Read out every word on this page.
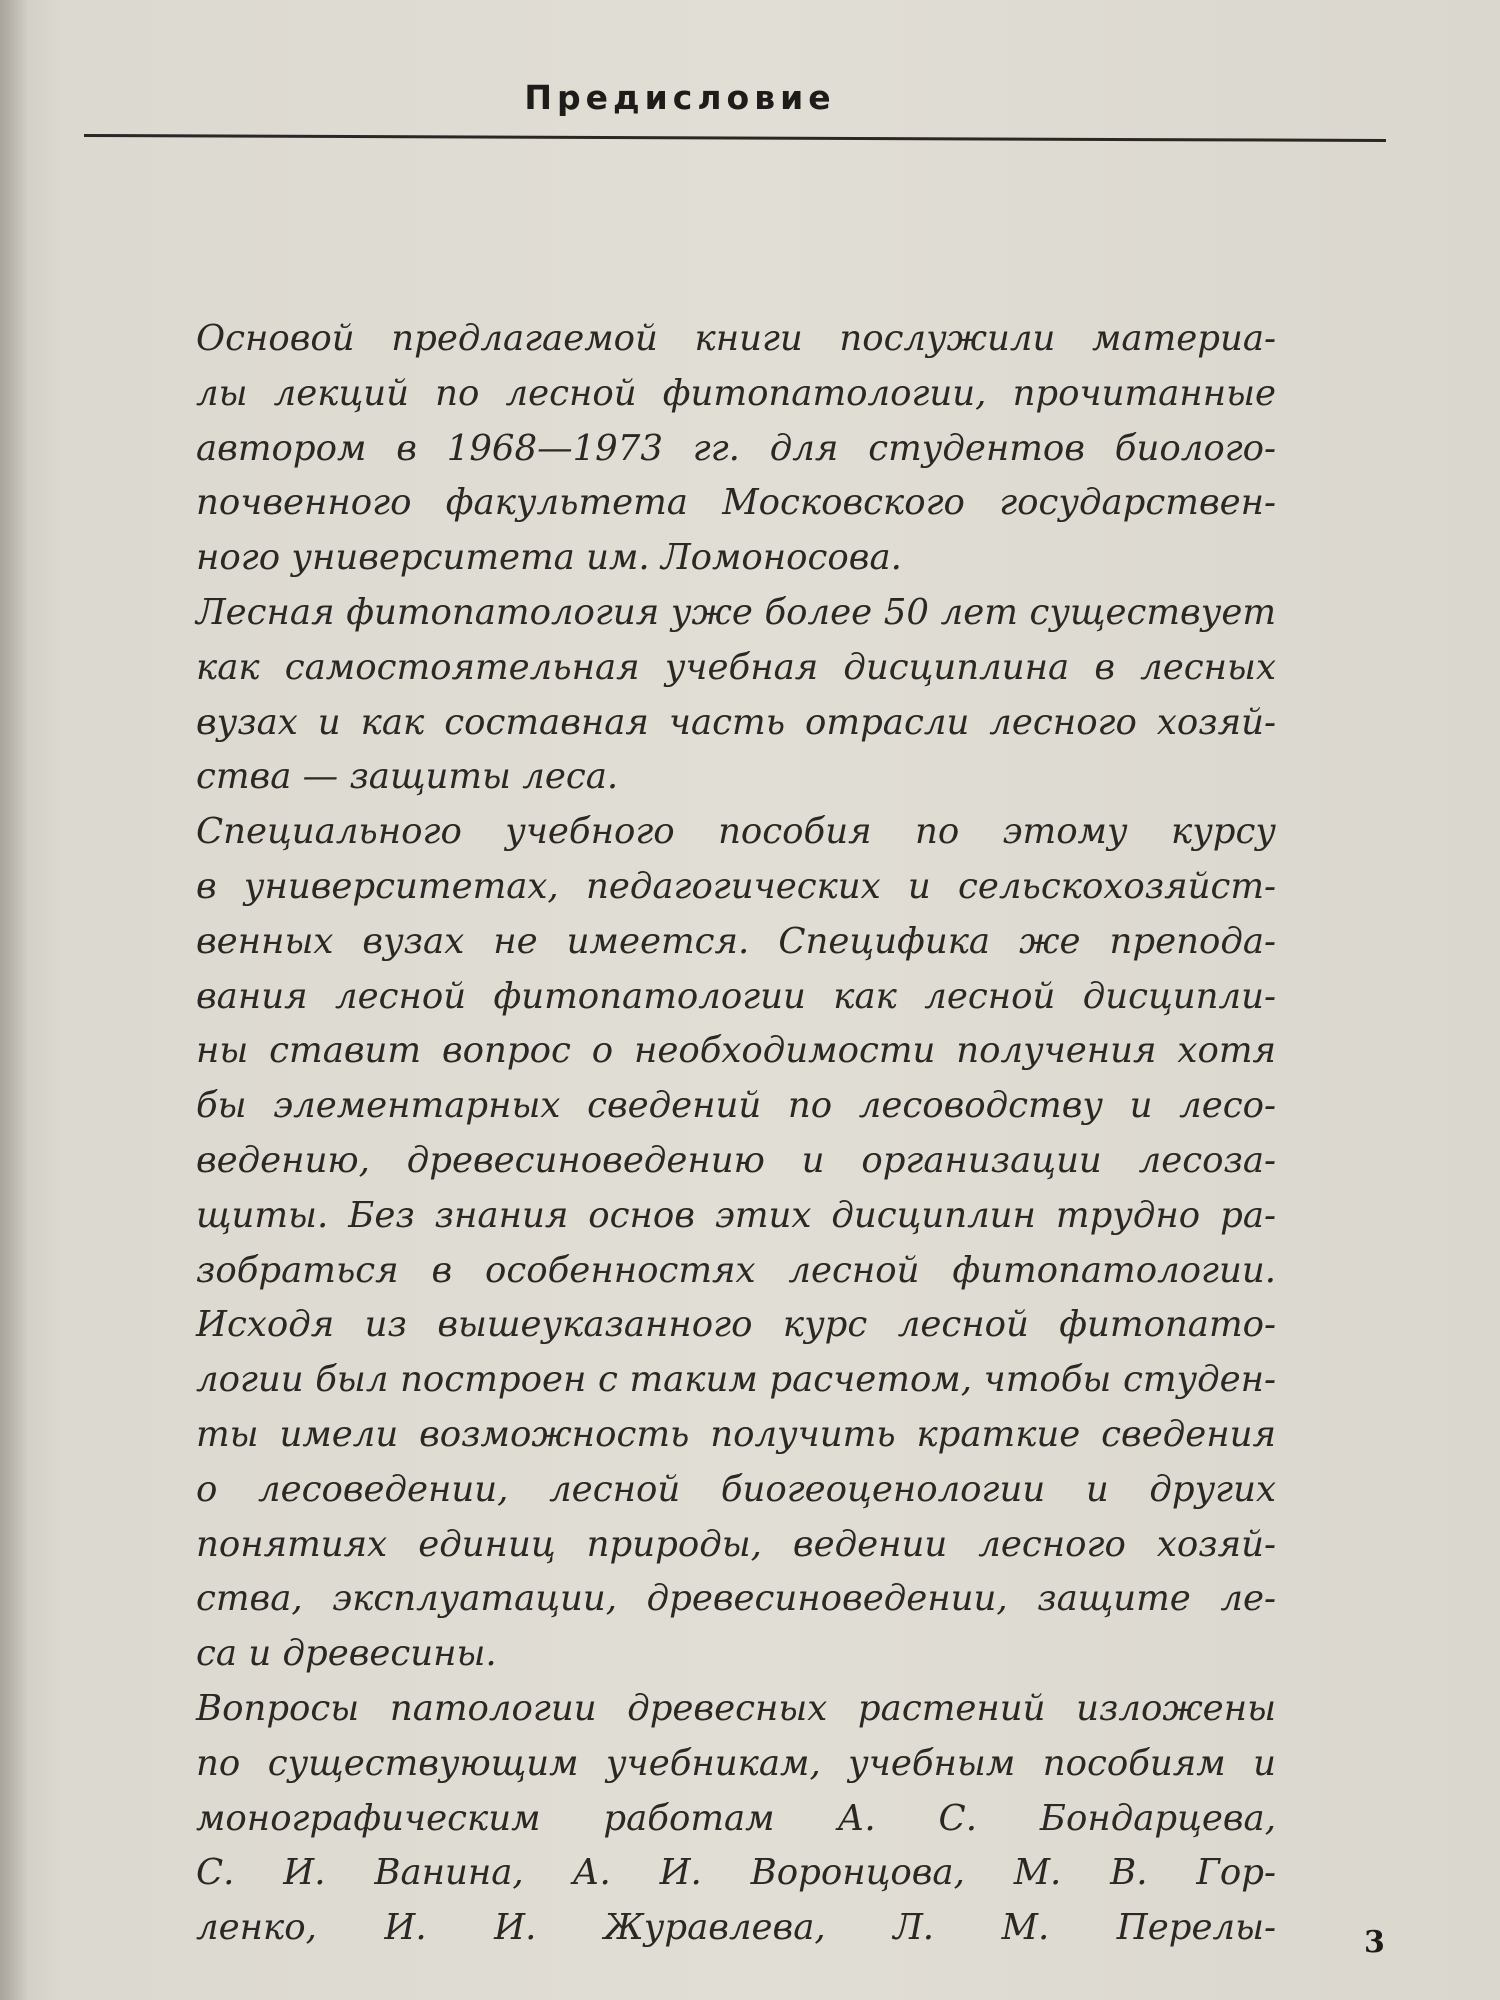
Предисловие
Основой предлагаемой книги послужили материа-
лы лекций по лесной фитопатологии, прочитанные
автором в 1968—1973 гг. для студентов биолого-
почвенного факультета Московского государствен-
ного университета им. Ломоносова.
Лесная фитопатология уже более 50 лет существует
как самостоятельная учебная дисциплина в лесных
вузах и как составная часть отрасли лесного хозяй-
ства — защиты леса.
Специального учебного пособия по этому курсу
в университетах, педагогических и сельскохозяйст-
венных вузах не имеется. Специфика же препода-
вания лесной фитопатологии как лесной дисципли-
ны ставит вопрос о необходимости получения хотя
бы элементарных сведений по лесоводству и лесо-
ведению, древесиноведению и организации лесоза-
щиты. Без знания основ этих дисциплин трудно ра-
зобраться в особенностях лесной фитопатологии.
Исходя из вышеуказанного курс лесной фитопато-
логии был построен с таким расчетом, чтобы студен-
ты имели возможность получить краткие сведения
о лесоведении, лесной биогеоценологии и других
понятиях единиц природы, ведении лесного хозяй-
ства, эксплуатации, древесиноведении, защите ле-
са и древесины.
Вопросы патологии древесных растений изложены
по существующим учебникам, учебным пособиям и
монографическим работам А. С. Бондарцева,
С. И. Ванина, А. И. Воронцова, М. В. Гор-
ленко, И. И. Журавлева, Л. М. Перелы-	3
